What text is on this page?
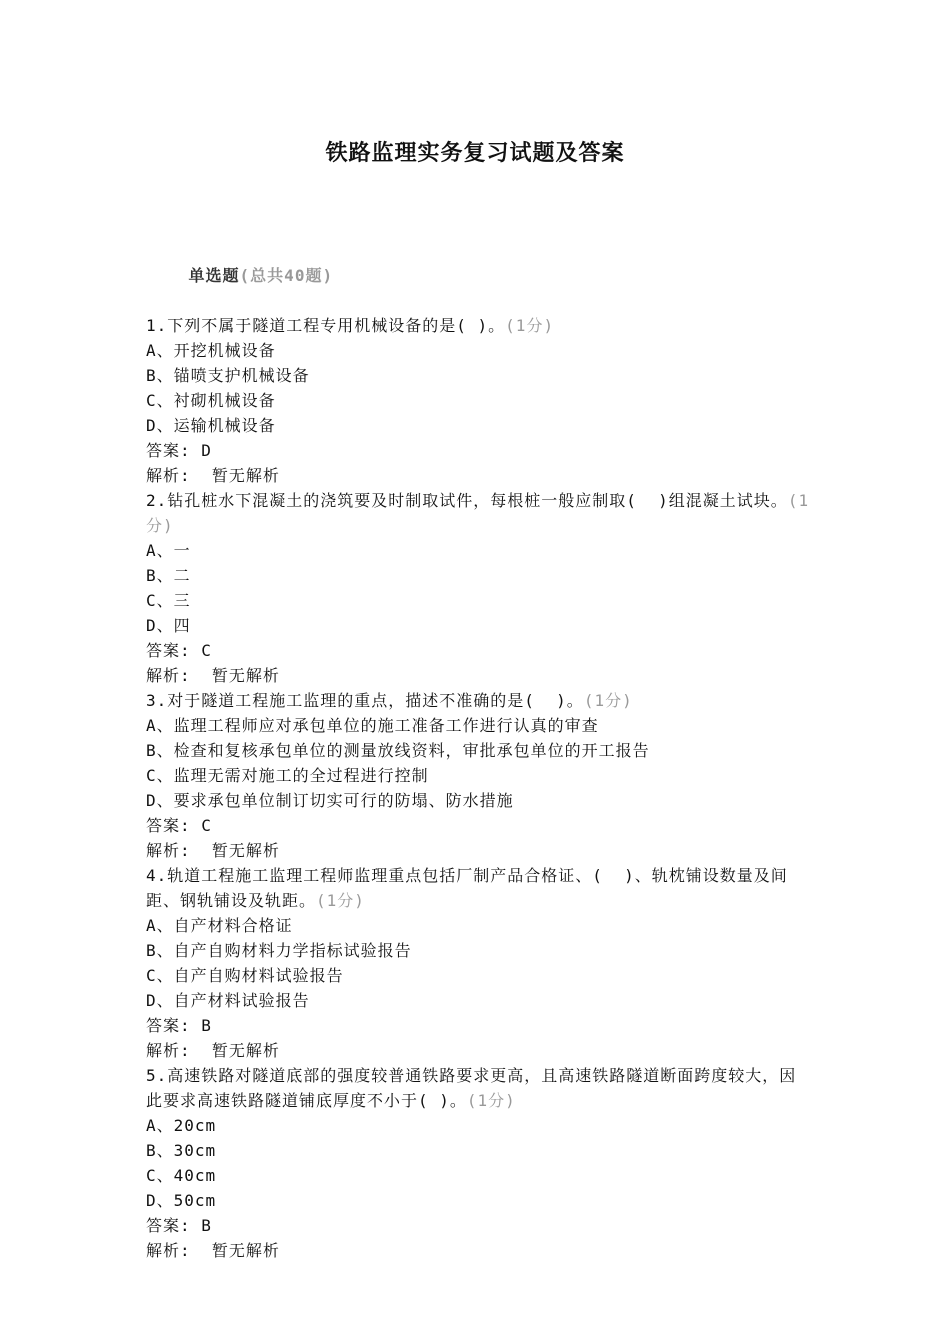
铁路监理实务复习试题及答案

单选题(总共40题)

1.下列不属于隧道工程专用机械设备的是( )。(1分)
A、开挖机械设备
B、锚喷支护机械设备
C、衬砌机械设备
D、运输机械设备
答案: D
解析:  暂无解析
2.钻孔桩水下混凝土的浇筑要及时制取试件，每根桩一般应制取(  )组混凝土试块。(1分)
A、一
B、二
C、三
D、四
答案: C
解析:  暂无解析
3.对于隧道工程施工监理的重点，描述不准确的是(  )。(1分)
A、监理工程师应对承包单位的施工准备工作进行认真的审查
B、检查和复核承包单位的测量放线资料，审批承包单位的开工报告
C、监理无需对施工的全过程进行控制
D、要求承包单位制订切实可行的防塌、防水措施
答案: C
解析:  暂无解析
4.轨道工程施工监理工程师监理重点包括厂制产品合格证、(  )、轨枕铺设数量及间距、钢轨铺设及轨距。(1分)
A、自产材料合格证
B、自产自购材料力学指标试验报告
C、自产自购材料试验报告
D、自产材料试验报告
答案: B
解析:  暂无解析
5.高速铁路对隧道底部的强度较普通铁路要求更高，且高速铁路隧道断面跨度较大，因此要求高速铁路隧道铺底厚度不小于( )。(1分)
A、20cm
B、30cm
C、40cm
D、50cm
答案: B
解析:  暂无解析
